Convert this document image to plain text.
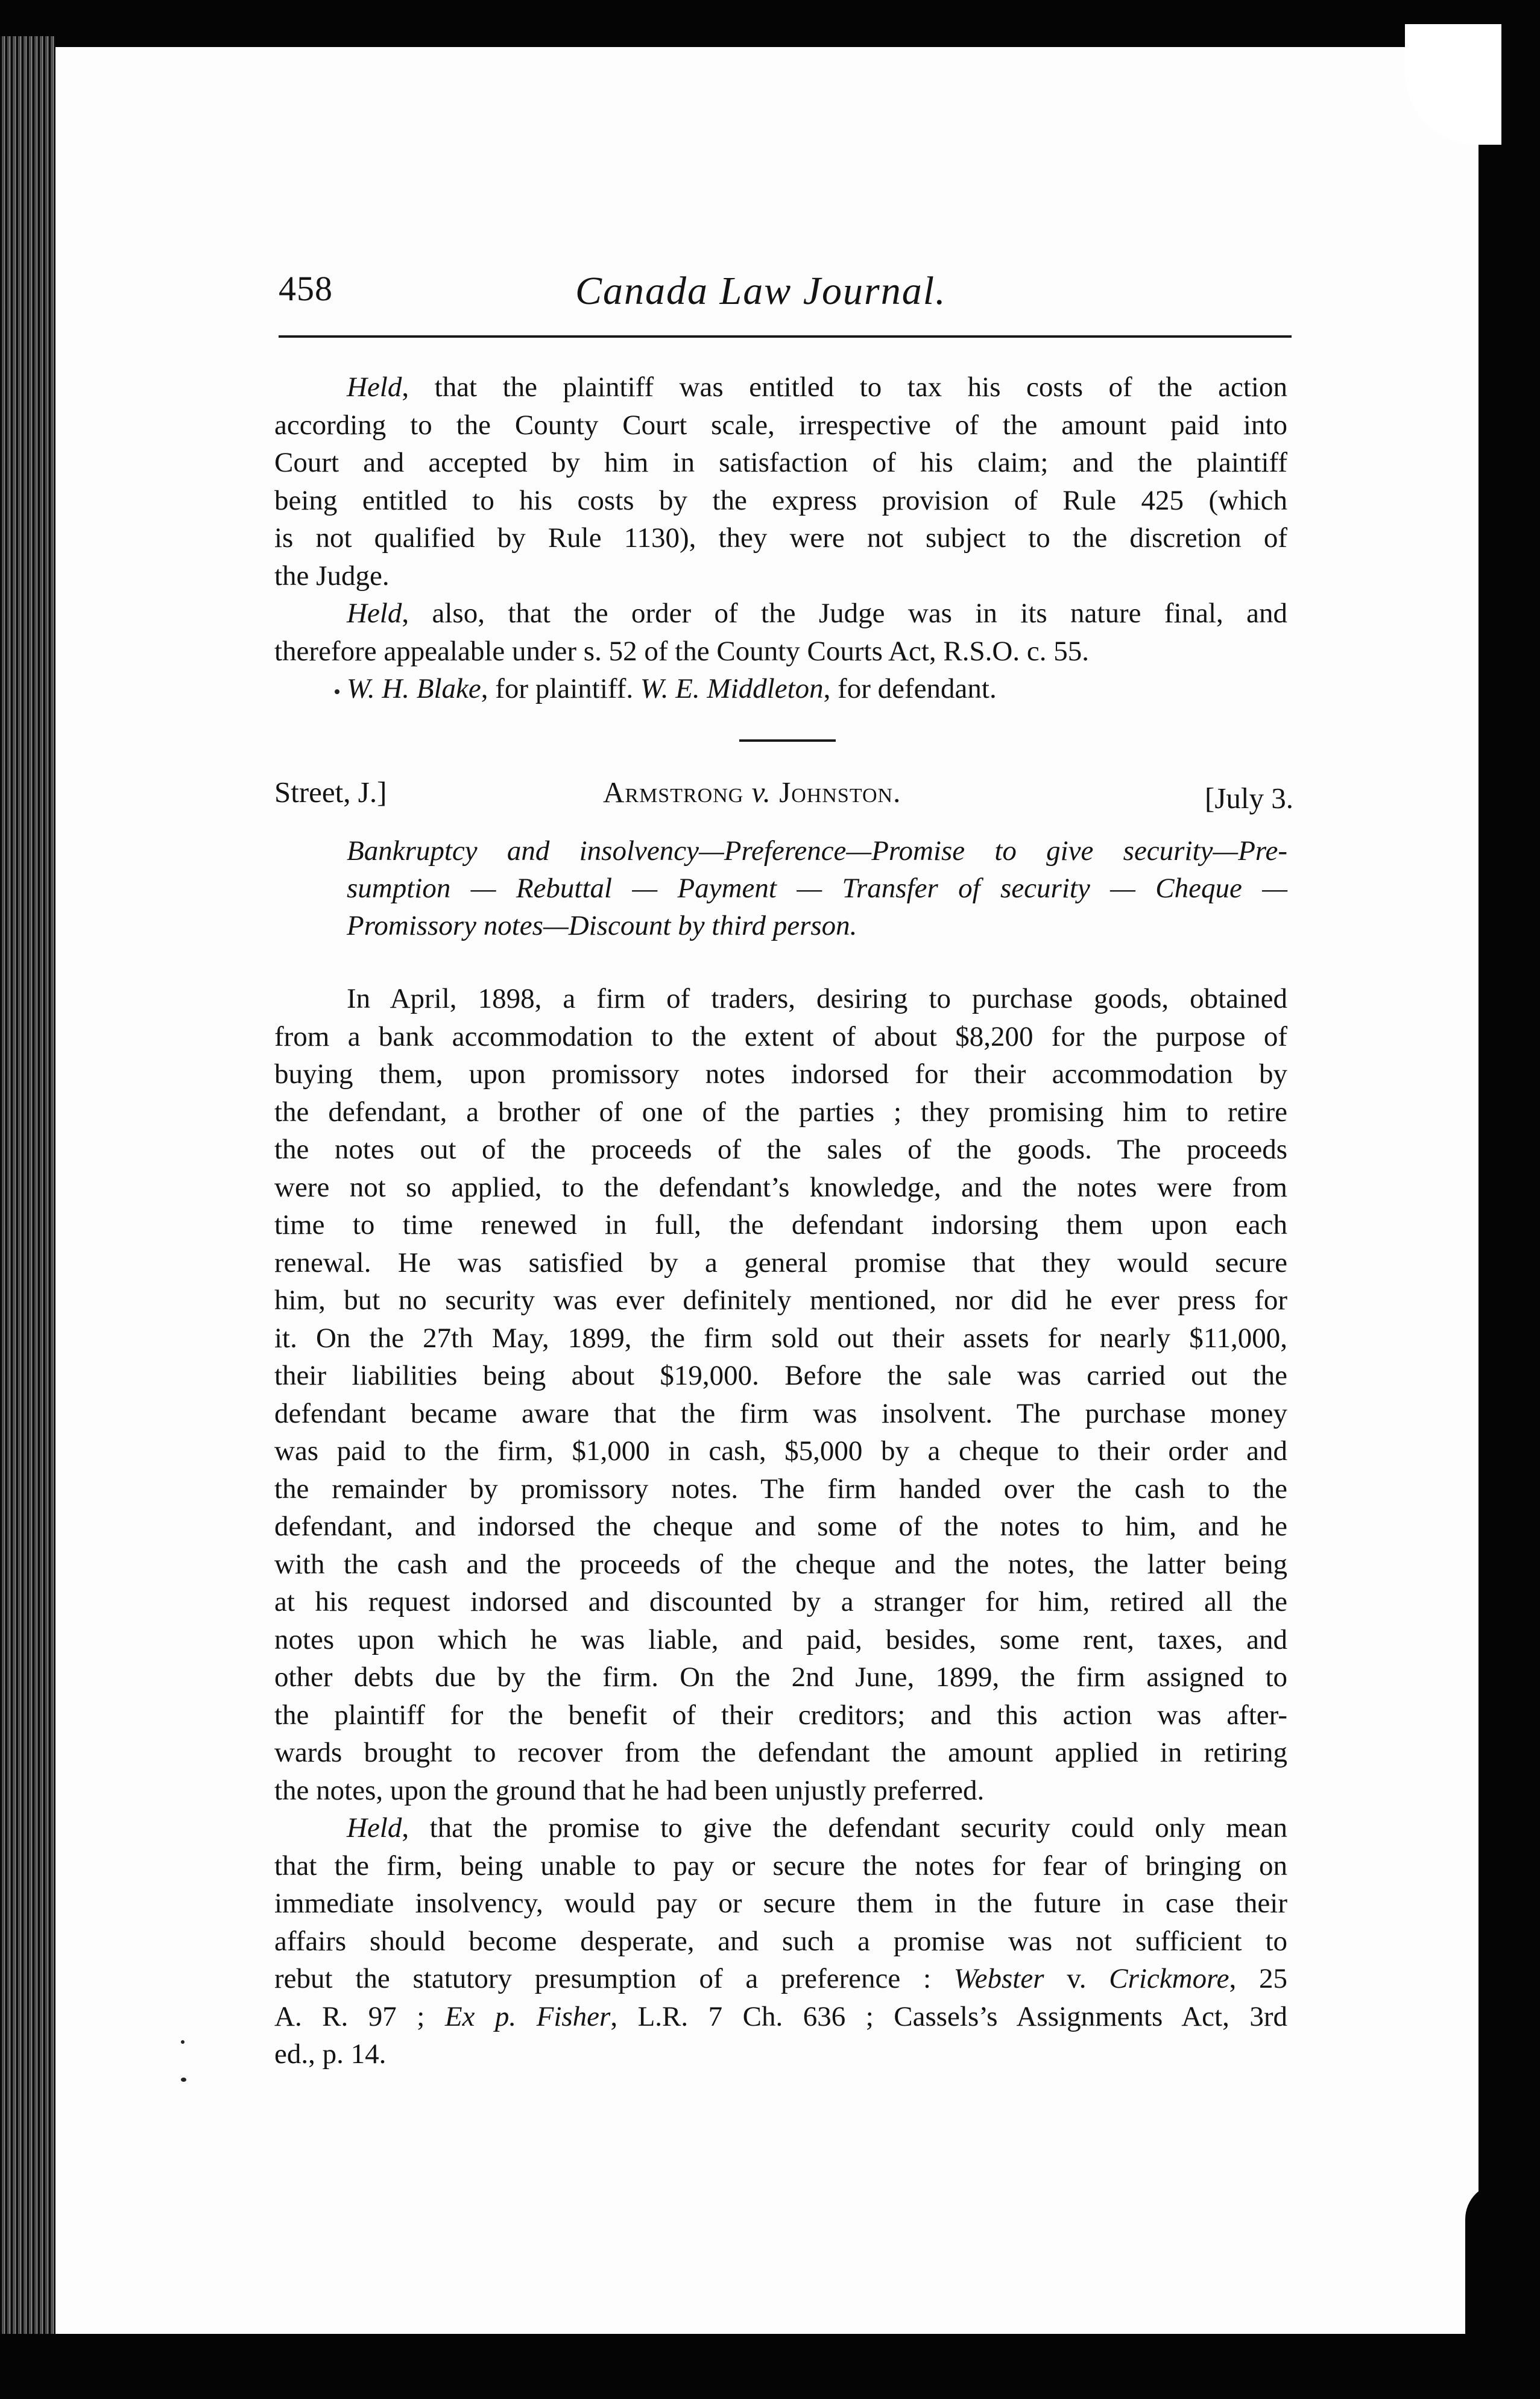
458	Canada Law Journal.
Held, that the plaintiff was entitled to tax his costs of the action
according to the County Court scale, irrespective of the amount paid into
Court and accepted by him in satisfaction of his claim; and the plaintiff
being entitled to his costs by the express provision of Rule 425 (which
is not qualified by Rule 1130), they were not subject to the discretion of
the Judge.
Held, also, that the order of the Judge was in its nature final, and
therefore appealable under s. 52 of the County Courts Act, R.S.O. c. 55.
W. H. Blake, for plaintiff. W. E. Middleton, for defendant.
Street, J.]	Armstrong v. Johnston.	[July 3.
Bankruptcy and insolvency—Preference—Promise to give security—Pre-
sumption — Rebuttal — Payment — Transfer of security — Cheque —
Promissory notes—Discount by third person.
In April, 1898, a firm of traders, desiring to purchase goods, obtained
from a bank accommodation to the extent of about $8,200 for the purpose of
buying them, upon promissory notes indorsed for their accommodation by
the defendant, a brother of one of the parties ; they promising him to retire
the notes out of the proceeds of the sales of the goods. The proceeds
were not so applied, to the defendant’s knowledge, and the notes were from
time to time renewed in full, the defendant indorsing them upon each
renewal. He was satisfied by a general promise that they would secure
him, but no security was ever definitely mentioned, nor did he ever press for
it. On the 27th May, 1899, the firm sold out their assets for nearly $11,000,
their liabilities being about $19,000. Before the sale was carried out the
defendant became aware that the firm was insolvent. The purchase money
was paid to the firm, $1,000 in cash, $5,000 by a cheque to their order and
the remainder by promissory notes. The firm handed over the cash to the
defendant, and indorsed the cheque and some of the notes to him, and he
with the cash and the proceeds of the cheque and the notes, the latter being
at his request indorsed and discounted by a stranger for him, retired all the
notes upon which he was liable, and paid, besides, some rent, taxes, and
other debts due by the firm. On the 2nd June, 1899, the firm assigned to
the plaintiff for the benefit of their creditors; and this action was after-
wards brought to recover from the defendant the amount applied in retiring
the notes, upon the ground that he had been unjustly preferred.
Held, that the promise to give the defendant security could only mean
that the firm, being unable to pay or secure the notes for fear of bringing on
immediate insolvency, would pay or secure them in the future in case their
affairs should become desperate, and such a promise was not sufficient to
rebut the statutory presumption of a preference : Webster v. Crickmore, 25
A. R. 97 ; Ex p. Fisher, L.R. 7 Ch. 636 ; Cassels’s Assignments Act, 3rd
ed., p. 14.
